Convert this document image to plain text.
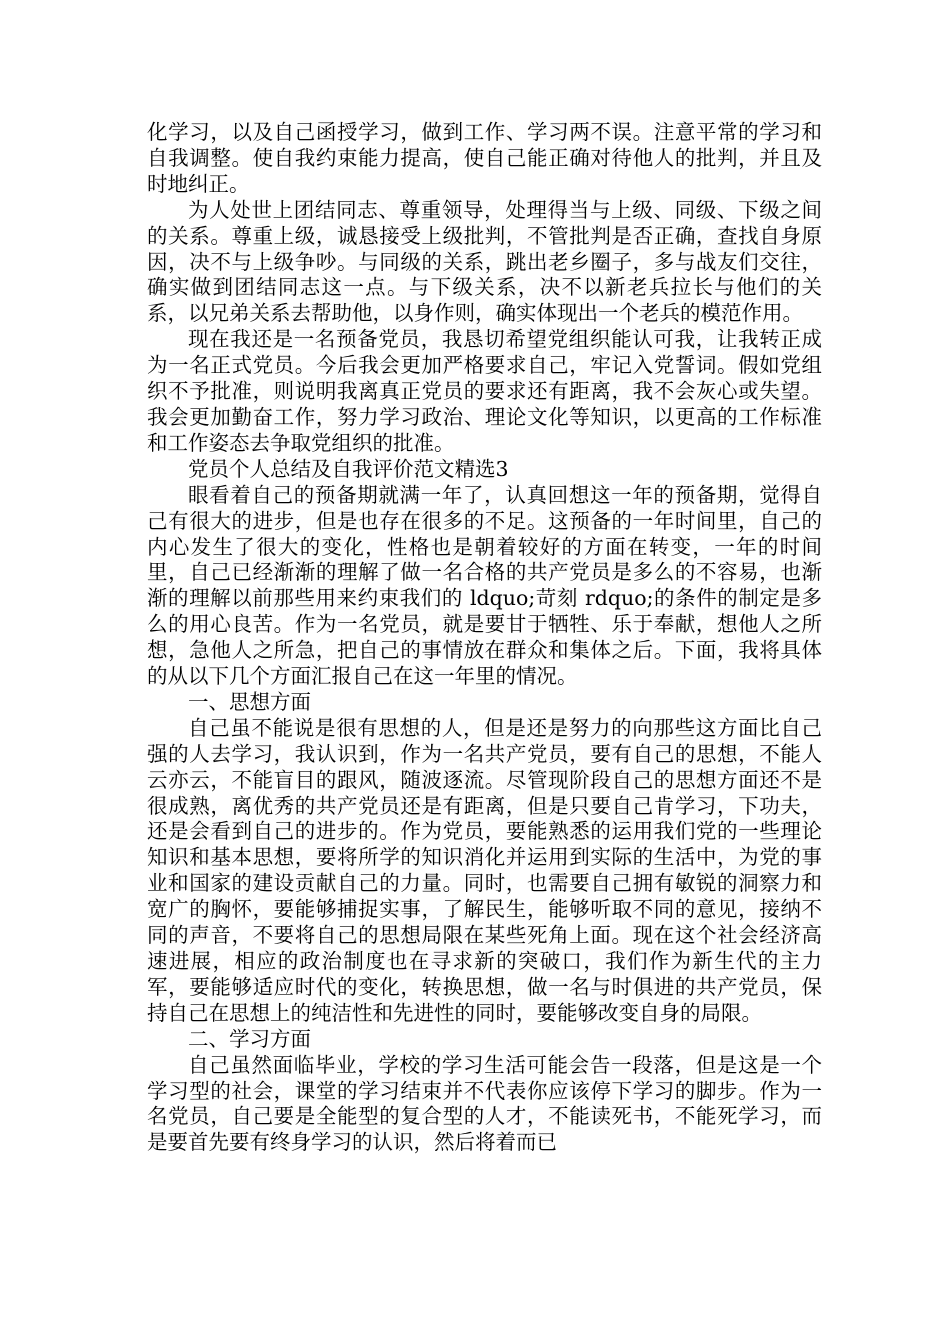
化学习，以及自己函授学习，做到工作、学习两不误。注意平常的学习和自我调整。使自我约束能力提高，使自己能正确对待他人的批判，并且及时地纠正。

为人处世上团结同志、尊重领导，处理得当与上级、同级、下级之间的关系。尊重上级，诚恳接受上级批判，不管批判是否正确，查找自身原因，决不与上级争吵。与同级的关系，跳出老乡圈子，多与战友们交往，确实做到团结同志这一点。与下级关系，决不以新老兵拉长与他们的关系，以兄弟关系去帮助他，以身作则，确实体现出一个老兵的模范作用。

现在我还是一名预备党员，我恳切希望党组织能认可我，让我转正成为一名正式党员。今后我会更加严格要求自己，牢记入党誓词。假如党组织不予批准，则说明我离真正党员的要求还有距离，我不会灰心或失望。我会更加勤奋工作，努力学习政治、理论文化等知识，以更高的工作标准和工作姿态去争取党组织的批准。

党员个人总结及自我评价范文精选3

眼看着自己的预备期就满一年了，认真回想这一年的预备期，觉得自己有很大的进步，但是也存在很多的不足。这预备的一年时间里，自己的内心发生了很大的变化，性格也是朝着较好的方面在转变，一年的时间里，自己已经渐渐的理解了做一名合格的共产党员是多么的不容易，也渐渐的理解以前那些用来约束我们的 ldquo;苛刻 rdquo;的条件的制定是多么的用心良苦。作为一名党员，就是要甘于牺牲、乐于奉献，想他人之所想，急他人之所急，把自己的事情放在群众和集体之后。下面，我将具体的从以下几个方面汇报自己在这一年里的情况。

一、思想方面

自己虽不能说是很有思想的人，但是还是努力的向那些这方面比自己强的人去学习，我认识到，作为一名共产党员，要有自己的思想，不能人云亦云，不能盲目的跟风，随波逐流。尽管现阶段自己的思想方面还不是很成熟，离优秀的共产党员还是有距离，但是只要自己肯学习，下功夫，还是会看到自己的进步的。作为党员，要能熟悉的运用我们党的一些理论知识和基本思想，要将所学的知识消化并运用到实际的生活中，为党的事业和国家的建设贡献自己的力量。同时，也需要自己拥有敏锐的洞察力和宽广的胸怀，要能够捕捉实事，了解民生，能够听取不同的意见，接纳不同的声音，不要将自己的思想局限在某些死角上面。现在这个社会经济高速进展，相应的政治制度也在寻求新的突破口，我们作为新生代的主力军，要能够适应时代的变化，转换思想，做一名与时俱进的共产党员，保持自己在思想上的纯洁性和先进性的同时，要能够改变自身的局限。

二、学习方面

自己虽然面临毕业，学校的学习生活可能会告一段落，但是这是一个学习型的社会，课堂的学习结束并不代表你应该停下学习的脚步。作为一名党员，自己要是全能型的复合型的人才，不能读死书，不能死学习，而是要首先要有终身学习的认识，然后将着而已
